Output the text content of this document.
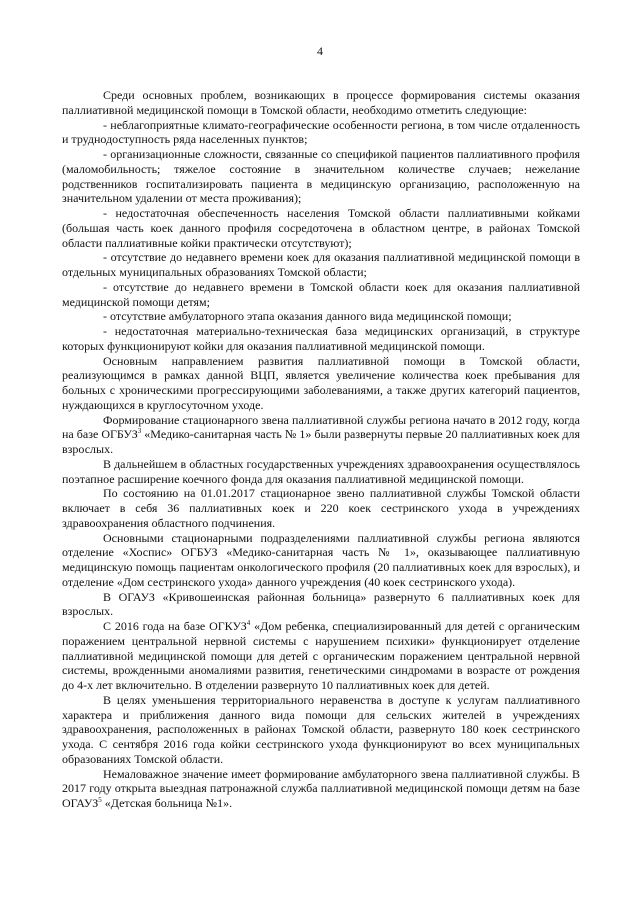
4

Среди основных проблем, возникающих в процессе формирования системы оказания паллиативной медицинской помощи в Томской области, необходимо отметить следующие:

- неблагоприятные климато-географические особенности региона, в том числе отдаленность и труднодоступность ряда населенных пунктов;

- организационные сложности, связанные со спецификой пациентов паллиативного профиля (маломобильность; тяжелое состояние в значительном количестве случаев; нежелание родственников госпитализировать пациента в медицинскую организацию, расположенную на значительном удалении от места проживания);

- недостаточная обеспеченность населения Томской области паллиативными койками (большая часть коек данного профиля сосредоточена в областном центре, в районах Томской области паллиативные койки практически отсутствуют);

- отсутствие до недавнего времени коек для оказания паллиативной медицинской помощи в отдельных муниципальных образованиях Томской области;

- отсутствие до недавнего времени в Томской области коек для оказания паллиативной медицинской помощи детям;

- отсутствие амбулаторного этапа оказания данного вида медицинской помощи;

- недостаточная материально-техническая база медицинских организаций, в структуре которых функционируют койки для оказания паллиативной медицинской помощи.

Основным направлением развития паллиативной помощи в Томской области, реализующимся в рамках данной ВЦП, является увеличение количества коек пребывания для больных с хроническими прогрессирующими заболеваниями, а также других категорий пациентов, нуждающихся в круглосуточном уходе.

Формирование стационарного звена паллиативной службы региона начато в 2012 году, когда на базе ОГБУЗ$^3$ «Медико-санитарная часть № 1» были развернуты первые 20 паллиативных коек для взрослых.

В дальнейшем в областных государственных учреждениях здравоохранения осуществлялось поэтапное расширение коечного фонда для оказания паллиативной медицинской помощи.

По состоянию на 01.01.2017 стационарное звено паллиативной службы Томской области включает в себя 36 паллиативных коек и 220 коек сестринского ухода в учреждениях здравоохранения областного подчинения.

Основными стационарными подразделениями паллиативной службы региона являются отделение «Хоспис» ОГБУЗ «Медико-санитарная часть № 1», оказывающее паллиативную медицинскую помощь пациентам онкологического профиля (20 паллиативных коек для взрослых), и отделение «Дом сестринского ухода» данного учреждения (40 коек сестринского ухода).

В ОГАУЗ «Кривошеинская районная больница» развернуто 6 паллиативных коек для взрослых.

С 2016 года на базе ОГКУЗ$^4$ «Дом ребенка, специализированный для детей с органическим поражением центральной нервной системы с нарушением психики» функционирует отделение паллиативной медицинской помощи для детей с органическим поражением центральной нервной системы, врожденными аномалиями развития, генетическими синдромами в возрасте от рождения до 4-х лет включительно. В отделении развернуто 10 паллиативных коек для детей.

В целях уменьшения территориального неравенства в доступе к услугам паллиативного характера и приближения данного вида помощи для сельских жителей в учреждениях здравоохранения, расположенных в районах Томской области, развернуто 180 коек сестринского ухода. С сентября 2016 года койки сестринского ухода функционируют во всех муниципальных образованиях Томской области.

Немаловажное значение имеет формирование амбулаторного звена паллиативной службы. В 2017 году открыта выездная патронажной служба паллиативной медицинской помощи детям на базе ОГАУЗ$^5$ «Детская больница №1».
